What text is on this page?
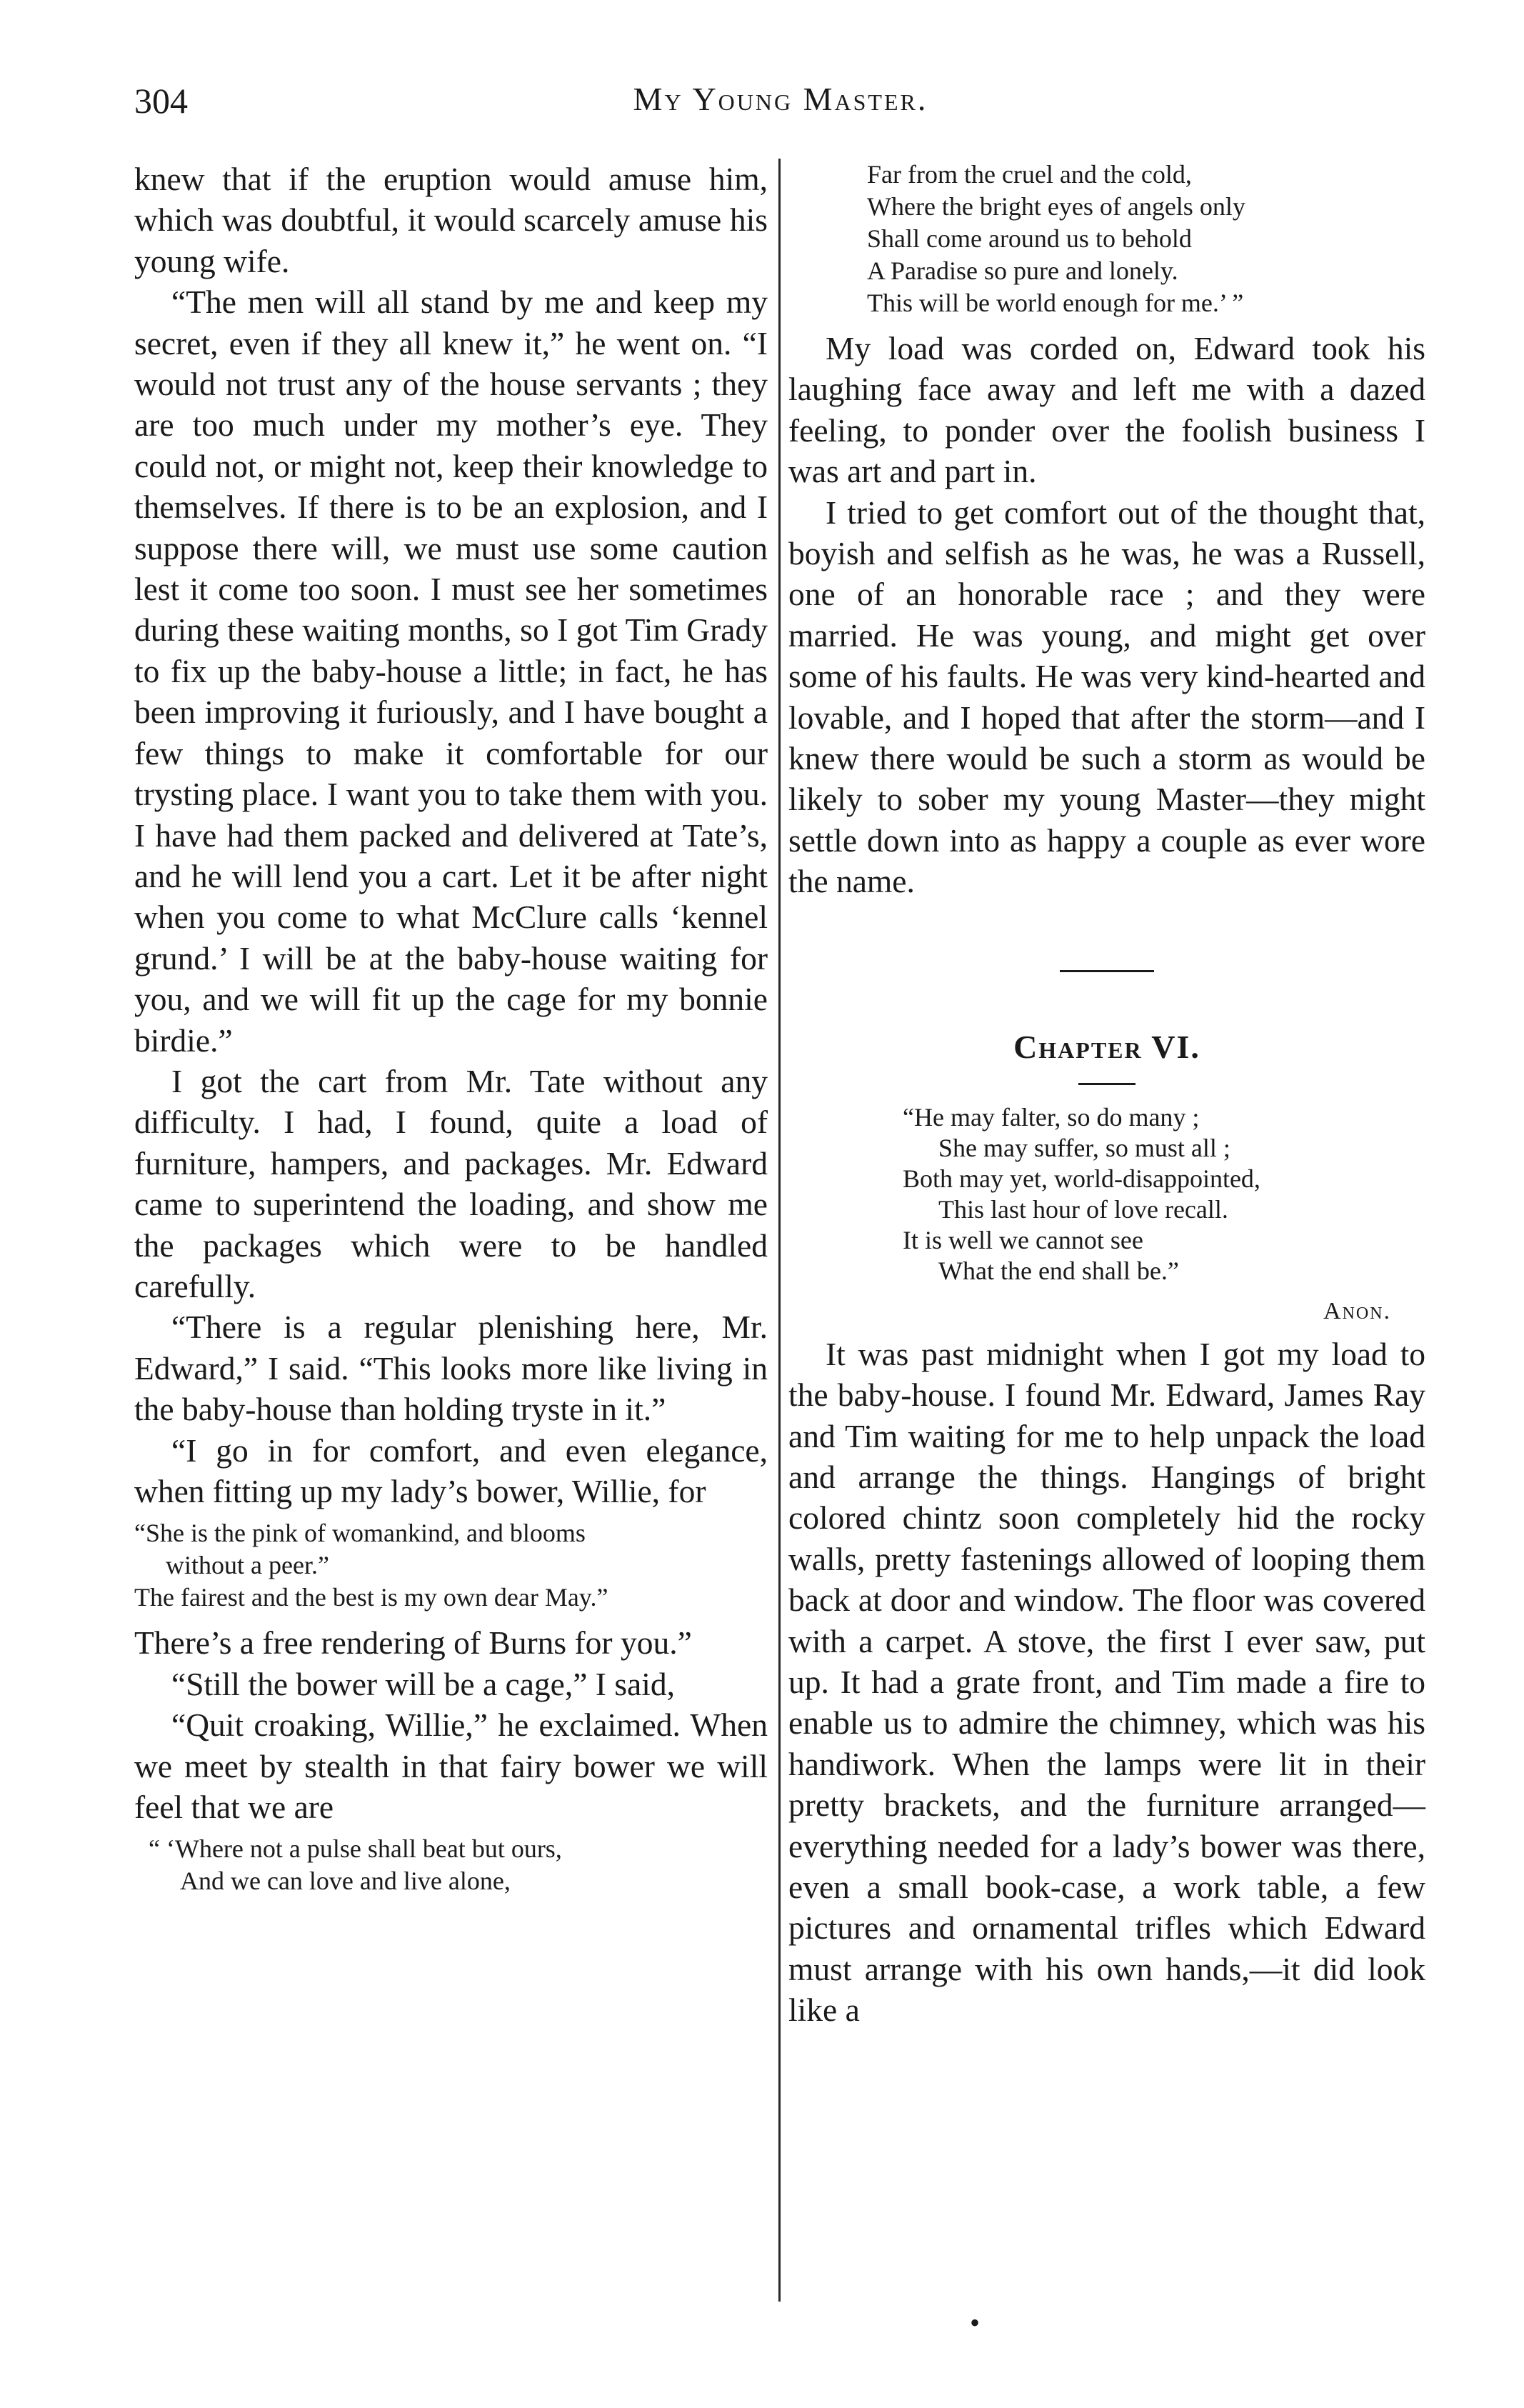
304	My Young Master.

knew that if the eruption would amuse him, which was doubtful, it would scarcely amuse his young wife.

“The men will all stand by me and keep my secret, even if they all knew it,” he went on. “I would not trust any of the house servants ; they are too much under my mother’s eye. They could not, or might not, keep their knowledge to themselves. If there is to be an explosion, and I suppose there will, we must use some caution lest it come too soon. I must see her sometimes during these waiting months, so I got Tim Grady to fix up the baby-house a little; in fact, he has been improving it furiously, and I have bought a few things to make it comfortable for our trysting place. I want you to take them with you. I have had them packed and delivered at Tate’s, and he will lend you a cart. Let it be after night when you come to what McClure calls ‘kennel grund.’ I will be at the baby-house waiting for you, and we will fit up the cage for my bonnie birdie.”

I got the cart from Mr. Tate without any difficulty. I had, I found, quite a load of furniture, hampers, and packages. Mr. Edward came to superintend the loading, and show me the packages which were to be handled carefully.

“There is a regular plenishing here, Mr. Edward,” I said. “This looks more like living in the baby-house than holding tryste in it.”

“I go in for comfort, and even elegance, when fitting up my lady’s bower, Willie, for

“She is the pink of womankind, and blooms
without a peer.”
The fairest and the best is my own dear May.”

There’s a free rendering of Burns for you.”

“Still the bower will be a cage,” I said,

“Quit croaking, Willie,” he exclaimed. When we meet by stealth in that fairy bower we will feel that we are

“ ‘Where not a pulse shall beat but ours,
And we can love and live alone,
Far from the cruel and the cold,
Where the bright eyes of angels only
Shall come around us to behold
A Paradise so pure and lonely.
This will be world enough for me.’ ”

My load was corded on, Edward took his laughing face away and left me with a dazed feeling, to ponder over the foolish business I was art and part in.

I tried to get comfort out of the thought that, boyish and selfish as he was, he was a Russell, one of an honorable race ; and they were married. He was young, and might get over some of his faults. He was very kind-hearted and lovable, and I hoped that after the storm—and I knew there would be such a storm as would be likely to sober my young Master—they might settle down into as happy a couple as ever wore the name.

Chapter VI.
“He may falter, so do many ;
She may suffer, so must all ;
Both may yet, world-disappointed,
This last hour of love recall.
It is well we cannot see
What the end shall be.”
Anon.

It was past midnight when I got my load to the baby-house. I found Mr. Edward, James Ray and Tim waiting for me to help unpack the load and arrange the things. Hangings of bright colored chintz soon completely hid the rocky walls, pretty fastenings allowed of looping them back at door and window. The floor was covered with a carpet. A stove, the first I ever saw, put up. It had a grate front, and Tim made a fire to enable us to admire the chimney, which was his handiwork. When the lamps were lit in their pretty brackets, and the furniture arranged—everything needed for a lady’s bower was there, even a small book-case, a work table, a few pictures and ornamental trifles which Edward must arrange with his own hands,—it did look like a

•
